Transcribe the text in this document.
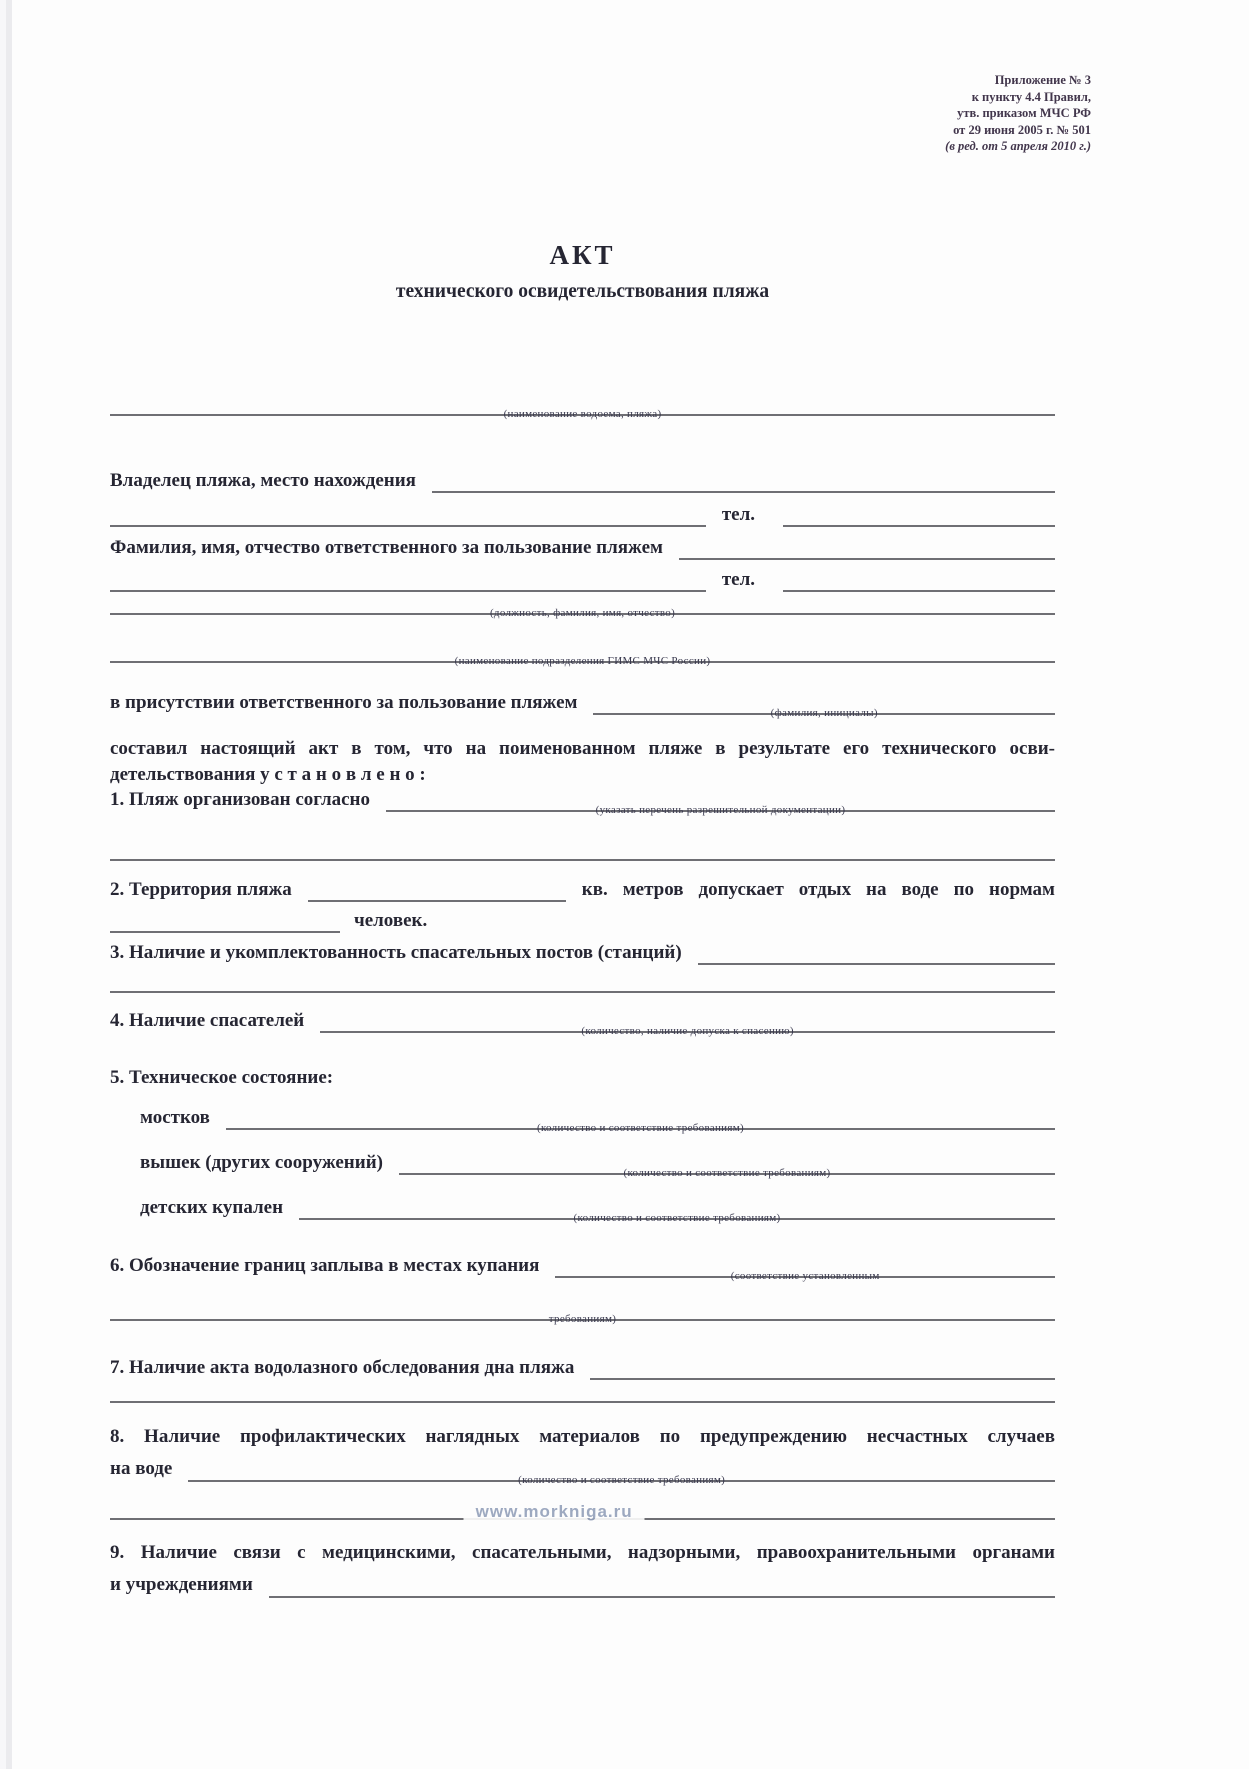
Приложение № 3
к пункту 4.4 Правил,
утв. приказом МЧС РФ
от 29 июня 2005 г. № 501
(в ред. от 5 апреля 2010 г.)
АКТ
технического освидетельствования пляжа
(наименование водоема, пляжа)
Владелец пляжа, место нахождения
тел.
Фамилия, имя, отчество ответственного за пользование пляжем
тел.
(должность, фамилия, имя, отчество)
(наименование подразделения ГИМС МЧС России)
в присутствии ответственного за пользование пляжем	(фамилия, инициалы)
составил настоящий акт в том, что на поименованном пляже в результате его технического осви-
детельствования у с т а н о в л е н о :
1. Пляж организован согласно	(указать перечень разрешительной документации)
2. Территория пляжа	кв. метров допускает отдых на воде по нормам
человек.
3. Наличие и укомплектованность спасательных постов (станций)
4. Наличие спасателей	(количество, наличие допуска к спасению)
5. Техническое состояние:
мостков	(количество и соответствие требованиям)
вышек (других сооружений)	(количество и соответствие требованиям)
детских купален	(количество и соответствие требованиям)
6. Обозначение границ заплыва в местах купания	(соответствие установленным
требованиям)
7. Наличие акта водолазного обследования дна пляжа
8. Наличие профилактических наглядных материалов по предупреждению несчастных случаев
на воде
(количество и соответствие требованиям)
www.morkniga.ru
9. Наличие связи с медицинскими, спасательными, надзорными, правоохранительными органами
и учреждениями
